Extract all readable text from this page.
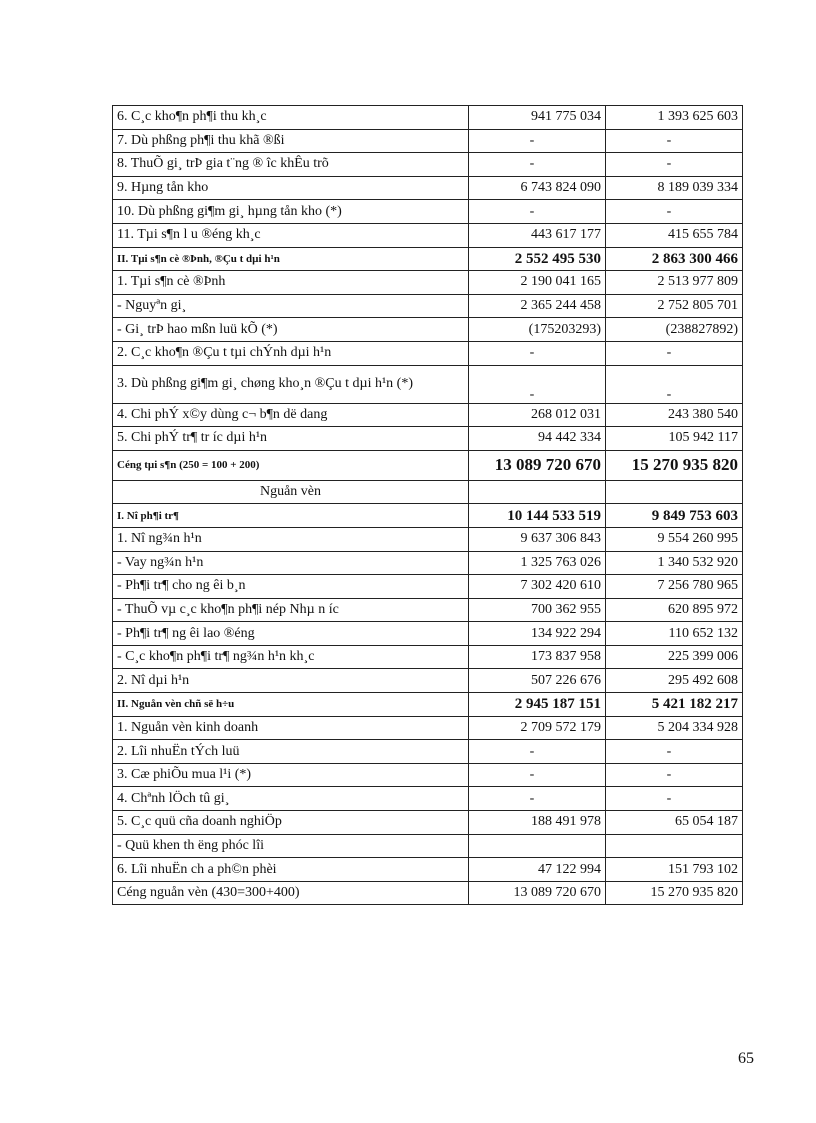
6. C¸c kho¶n ph¶i thu kh¸c	941 775 034	1 393 625 603
7. Dù phßng ph¶i thu khã ®ßi	-	-
8. ThuÕ gi¸ trÞ gia t¨ng ® îc khÊu trõ	-	-
9. Hµng tån kho	6 743 824 090	8 189 039 334
10. Dù phßng gi¶m gi¸ hµng tån kho (*)	-	-
11. Tµi s¶n l u ®éng kh¸c	443 617 177	415 655 784
II. Tµi s¶n cè ®Þnh, ®Çu t dµi h¹n	2 552 495 530	2 863 300 466
1. Tµi s¶n cè ®Þnh	2 190 041 165	2 513 977 809
- Nguyªn gi¸	2 365 244 458	2 752 805 701
- Gi¸ trÞ hao mßn luü kÕ (*)	(175203293)	(238827892)
2. C¸c kho¶n ®Çu t tµi chÝnh dµi h¹n	-	-
3. Dù phßng gi¶m gi¸ chøng kho¸n ®Çu t dµi h¹n (*)	-	-
4. Chi phÝ x©y dùng c¬ b¶n dë dang	268 012 031	243 380 540
5. Chi phÝ tr¶ tr íc dµi h¹n	94 442 334	105 942 117
Céng tµi s¶n (250 = 100 + 200)	13 089 720 670	15 270 935 820
Nguån vèn		
I. Nî ph¶i tr¶	10 144 533 519	9 849 753 603
1. Nî ng¾n h¹n	9 637 306 843	9 554 260 995
- Vay ng¾n h¹n	1 325 763 026	1 340 532 920
- Ph¶i tr¶ cho ng êi b¸n	7 302 420 610	7 256 780 965
- ThuÕ vµ c¸c kho¶n ph¶i nép Nhµ n íc	700 362 955	620 895 972
- Ph¶i tr¶ ng êi lao ®éng	134 922 294	110 652 132
- C¸c kho¶n ph¶i tr¶ ng¾n h¹n kh¸c	173 837 958	225 399 006
2. Nî dµi h¹n	507 226 676	295 492 608
II. Nguån vèn chñ së h÷u	2 945 187 151	5 421 182 217
1. Nguån vèn kinh doanh	2 709 572 179	5 204 334 928
2. Lîi nhuËn tÝch luü	-	-
3. Cæ phiÕu mua l¹i (*)	-	-
4. Chªnh lÖch tû gi¸	-	-
5. C¸c quü cña doanh nghiÖp	188 491 978	65 054 187
- Quü khen th ëng phóc lîi		
6. Lîi nhuËn ch a ph©n phèi	47 122 994	151 793 102
Céng nguån vèn (430=300+400)	13 089 720 670	15 270 935 820
65
